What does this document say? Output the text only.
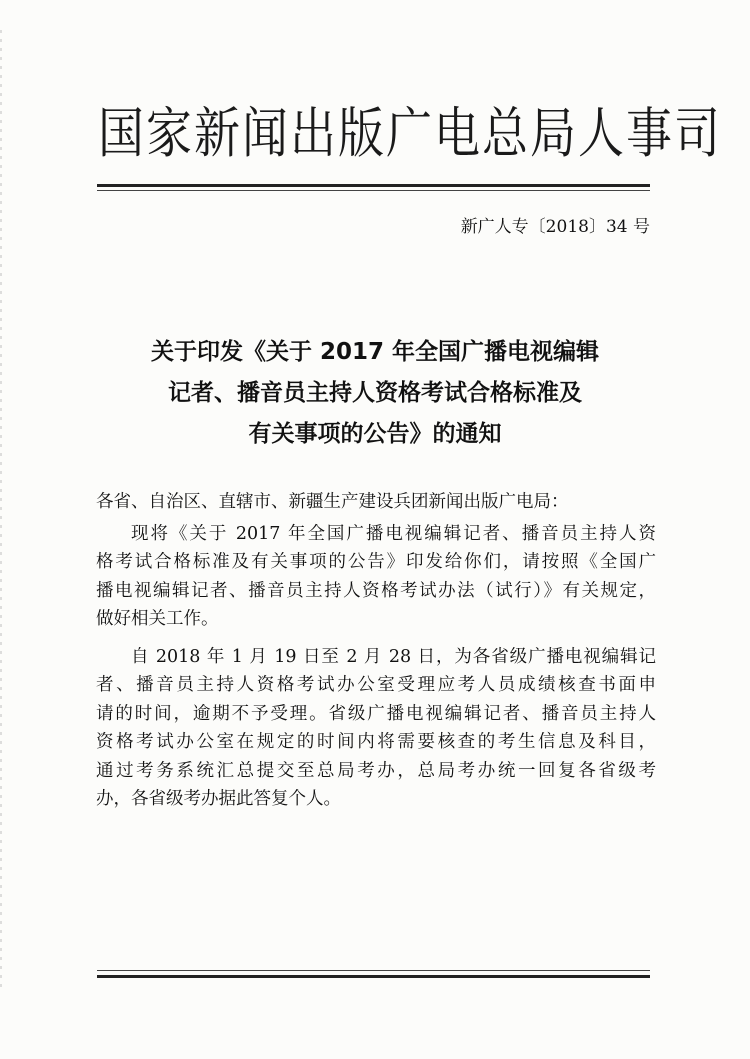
国家新闻出版广电总局人事司
新广人专〔2018〕34 号
关于印发《关于 2017 年全国广播电视编辑
记者、播音员主持人资格考试合格标准及
有关事项的公告》的通知
各省、自治区、直辖市、新疆生产建设兵团新闻出版广电局：
现将《关于 2017 年全国广播电视编辑记者、播音员主持人资
格考试合格标准及有关事项的公告》印发给你们，请按照《全国广
播电视编辑记者、播音员主持人资格考试办法（试行）》有关规定，
做好相关工作。
自 2018 年 1 月 19 日至 2 月 28 日，为各省级广播电视编辑记
者、播音员主持人资格考试办公室受理应考人员成绩核查书面申
请的时间，逾期不予受理。省级广播电视编辑记者、播音员主持人
资格考试办公室在规定的时间内将需要核查的考生信息及科目，
通过考务系统汇总提交至总局考办，总局考办统一回复各省级考
办，各省级考办据此答复个人。
